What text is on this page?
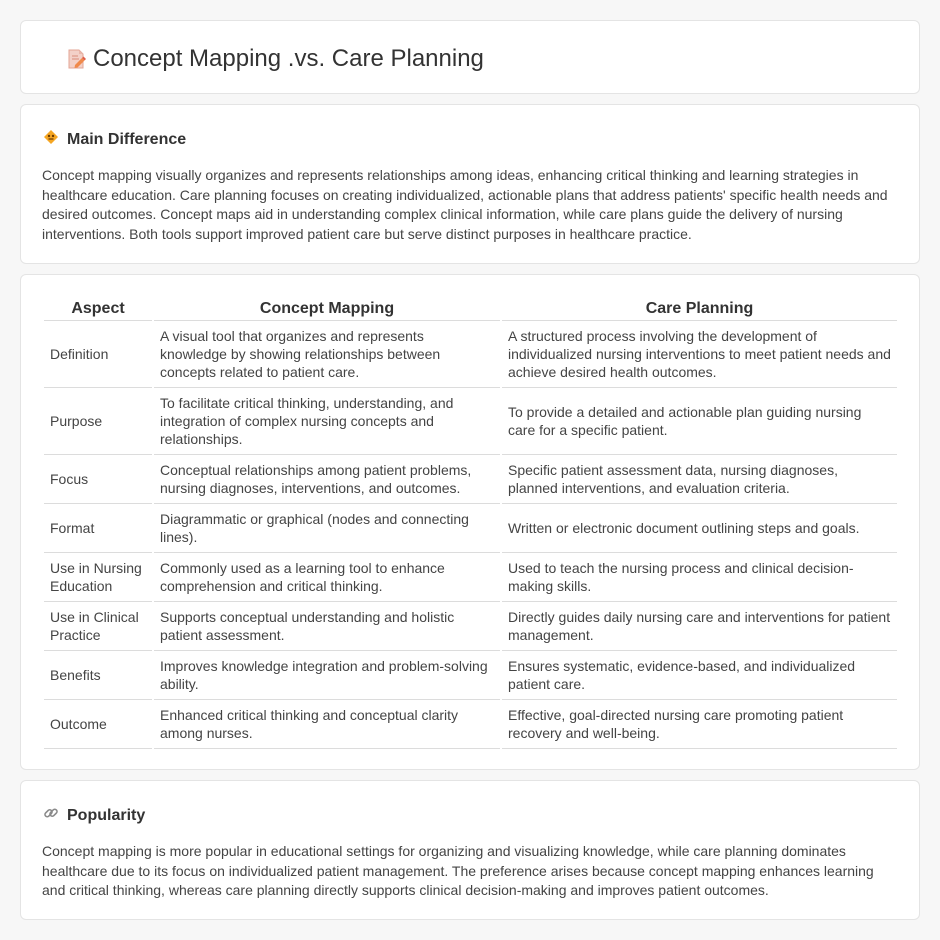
Concept Mapping .vs. Care Planning
Main Difference

Concept mapping visually organizes and represents relationships among ideas, enhancing critical thinking and learning strategies in healthcare education. Care planning focuses on creating individualized, actionable plans that address patients' specific health needs and desired outcomes. Concept maps aid in understanding complex clinical information, while care plans guide the delivery of nursing interventions. Both tools support improved patient care but serve distinct purposes in healthcare practice.

Aspect	Concept Mapping	Care Planning
Definition	A visual tool that organizes and represents knowledge by showing relationships between concepts related to patient care.	A structured process involving the development of individualized nursing interventions to meet patient needs and achieve desired health outcomes.
Purpose	To facilitate critical thinking, understanding, and integration of complex nursing concepts and relationships.	To provide a detailed and actionable plan guiding nursing care for a specific patient.
Focus	Conceptual relationships among patient problems, nursing diagnoses, interventions, and outcomes.	Specific patient assessment data, nursing diagnoses, planned interventions, and evaluation criteria.
Format	Diagrammatic or graphical (nodes and connecting lines).	Written or electronic document outlining steps and goals.
Use in Nursing Education	Commonly used as a learning tool to enhance comprehension and critical thinking.	Used to teach the nursing process and clinical decision-making skills.
Use in Clinical Practice	Supports conceptual understanding and holistic patient assessment.	Directly guides daily nursing care and interventions for patient management.
Benefits	Improves knowledge integration and problem-solving ability.	Ensures systematic, evidence-based, and individualized patient care.
Outcome	Enhanced critical thinking and conceptual clarity among nurses.	Effective, goal-directed nursing care promoting patient recovery and well-being.
Popularity

Concept mapping is more popular in educational settings for organizing and visualizing knowledge, while care planning dominates healthcare due to its focus on individualized patient management. The preference arises because concept mapping enhances learning and critical thinking, whereas care planning directly supports clinical decision-making and improves patient outcomes.
